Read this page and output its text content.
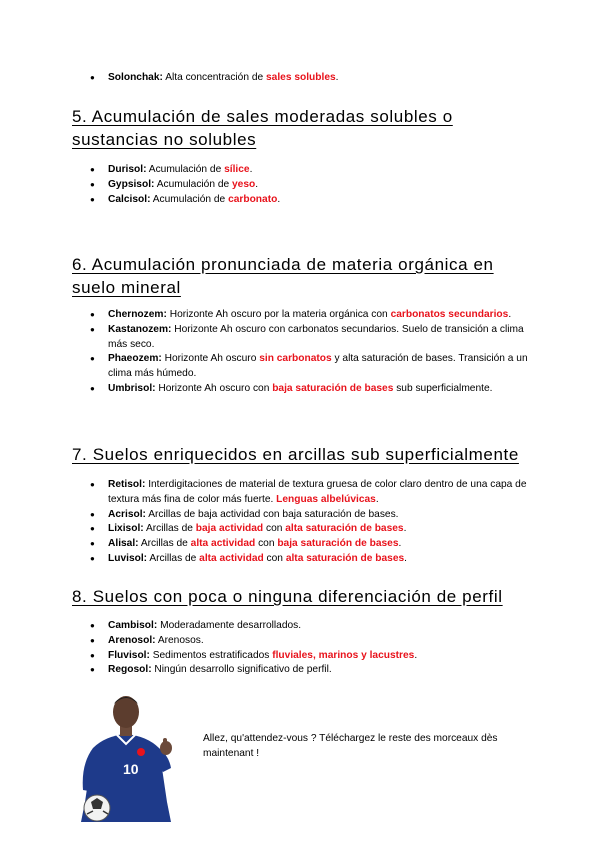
● Solonchak: Alta concentración de sales solubles.
5. Acumulación de sales moderadas solubles o sustancias no solubles
● Durisol: Acumulación de sílice.
● Gypsisol: Acumulación de yeso.
● Calcisol: Acumulación de carbonato.
6. Acumulación pronunciada de materia orgánica en suelo mineral
● Chernozem: Horizonte Ah oscuro por la materia orgánica con carbonatos secundarios.
● Kastanozem: Horizonte Ah oscuro con carbonatos secundarios. Suelo de transición a clima más seco.
● Phaeozem: Horizonte Ah oscuro sin carbonatos y alta saturación de bases. Transición a un clima más húmedo.
● Umbrisol: Horizonte Ah oscuro con baja saturación de bases sub superficialmente.
7. Suelos enriquecidos en arcillas sub superficialmente
● Retisol: Interdigitaciones de material de textura gruesa de color claro dentro de una capa de textura más fina de color más fuerte. Lenguas albelúvicas.
● Acrisol: Arcillas de baja actividad con baja saturación de bases.
● Lixisol: Arcillas de baja actividad con alta saturación de bases.
● Alisal: Arcillas de alta actividad con baja saturación de bases.
● Luvisol: Arcillas de alta actividad con alta saturación de bases.
8. Suelos con poca o ninguna diferenciación de perfil
● Cambisol: Moderadamente desarrollados.
● Arenosol: Arenosos.
● Fluvisol: Sedimentos estratificados fluviales, marinos y lacustres.
● Regosol: Ningún desarrollo significativo de perfil.
10
Allez, qu'attendez-vous ? Téléchargez le reste des morceaux dès maintenant !
